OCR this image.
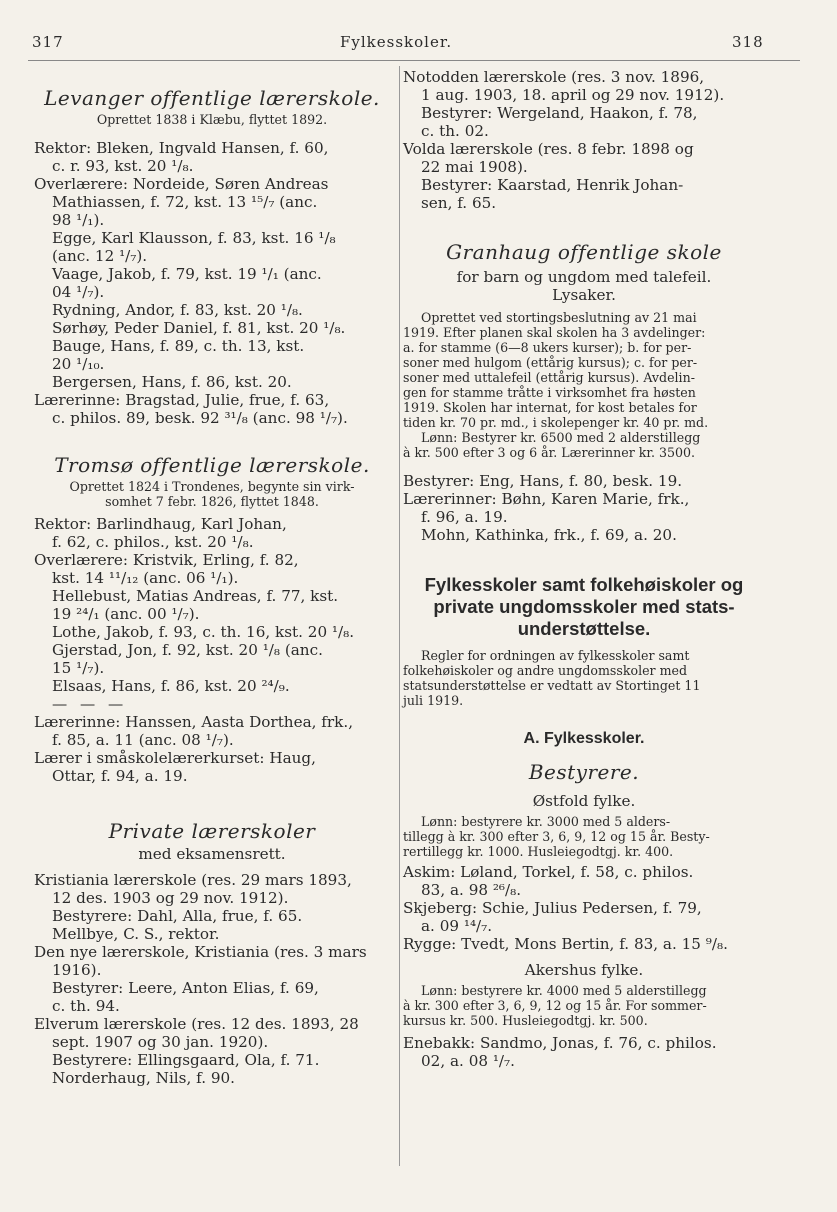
317	Fylkesskoler.	318
Levanger offentlige lærerskole.
Oprettet 1838 i Klæbu, flyttet 1892.
Rektor: Bleken, Ingvald Hansen, f. 60,
c. r. 93, kst. 20 ¹/₈.
Overlærere: Nordeide, Søren Andreas
Mathiassen, f. 72, kst. 13 ¹⁵/₇ (anc.
98 ¹/₁).
Egge, Karl Klausson, f. 83, kst. 16 ¹/₈
(anc. 12 ¹/₇).
Vaage, Jakob, f. 79, kst. 19 ¹/₁ (anc.
04 ¹/₇).
Rydning, Andor, f. 83, kst. 20 ¹/₈.
Sørhøy, Peder Daniel, f. 81, kst. 20 ¹/₈.
Bauge, Hans, f. 89, c. th. 13, kst.
20 ¹/₁₀.
Bergersen, Hans, f. 86, kst. 20.
Lærerinne: Bragstad, Julie, frue, f. 63,
c. philos. 89, besk. 92 ³¹/₈ (anc. 98 ¹/₇).
Tromsø offentlige lærerskole.
Oprettet 1824 i Trondenes, begynte sin virk-
somhet 7 febr. 1826, flyttet 1848.
Rektor: Barlindhaug, Karl Johan,
f. 62, c. philos., kst. 20 ¹/₈.
Overlærere: Kristvik, Erling, f. 82,
kst. 14 ¹¹/₁₂ (anc. 06 ¹/₁).
Hellebust, Matias Andreas, f. 77, kst.
19 ²⁴/₁ (anc. 00 ¹/₇).
Lothe, Jakob, f. 93, c. th. 16, kst. 20 ¹/₈.
Gjerstad, Jon, f. 92, kst. 20 ¹/₈ (anc.
15 ¹/₇).
Elsaas, Hans, f. 86, kst. 20 ²⁴/₉.
— — —
Lærerinne: Hanssen, Aasta Dorthea, frk.,
f. 85, a. 11 (anc. 08 ¹/₇).
Lærer i småskolelærerkurset: Haug,
Ottar, f. 94, a. 19.
Private lærerskoler
med eksamensrett.
Kristiania lærerskole (res. 29 mars 1893,
12 des. 1903 og 29 nov. 1912).
Bestyrere: Dahl, Alla, frue, f. 65.
Mellbye, C. S., rektor.
Den nye lærerskole, Kristiania (res. 3 mars
1916).
Bestyrer: Leere, Anton Elias, f. 69,
c. th. 94.
Elverum lærerskole (res. 12 des. 1893, 28
sept. 1907 og 30 jan. 1920).
Bestyrere: Ellingsgaard, Ola, f. 71.
Norderhaug, Nils, f. 90.
Notodden lærerskole (res. 3 nov. 1896,
1 aug. 1903, 18. april og 29 nov. 1912).
Bestyrer: Wergeland, Haakon, f. 78,
c. th. 02.
Volda lærerskole (res. 8 febr. 1898 og
22 mai 1908).
Bestyrer: Kaarstad, Henrik Johan-
sen, f. 65.
Granhaug offentlige skole
for barn og ungdom med talefeil.
Lysaker.
Oprettet ved stortingsbeslutning av 21 mai
1919. Efter planen skal skolen ha 3 avdelinger:
a. for stamme (6—8 ukers kurser); b. for per-
soner med hulgom (ettårig kursus); c. for per-
soner med uttalefeil (ettårig kursus). Avdelin-
gen for stamme tråtte i virksomhet fra høsten
1919. Skolen har internat, for kost betales for
tiden kr. 70 pr. md., i skolepenger kr. 40 pr. md.
Lønn: Bestyrer kr. 6500 med 2 alderstillegg
à kr. 500 efter 3 og 6 år. Lærerinner kr. 3500.
Bestyrer: Eng, Hans, f. 80, besk. 19.
Lærerinner: Bøhn, Karen Marie, frk.,
f. 96, a. 19.
Mohn, Kathinka, frk., f. 69, a. 20.
Fylkesskoler samt folkehøiskoler og
private ungdomsskoler med stats-
understøttelse.
Regler for ordningen av fylkesskoler samt
folkehøiskoler og andre ungdomsskoler med
statsunderstøttelse er vedtatt av Stortinget 11
juli 1919.
A. Fylkesskoler.
Bestyrere.
Østfold fylke.
Lønn: bestyrere kr. 3000 med 5 alders-
tillegg à kr. 300 efter 3, 6, 9, 12 og 15 år. Besty-
rertillegg kr. 1000. Husleiegodtgj. kr. 400.
Askim: Løland, Torkel, f. 58, c. philos.
83, a. 98 ²⁶/₈.
Skjeberg: Schie, Julius Pedersen, f. 79,
a. 09 ¹⁴/₇.
Rygge: Tvedt, Mons Bertin, f. 83, a. 15 ⁹/₈.
Akershus fylke.
Lønn: bestyrere kr. 4000 med 5 alderstillegg
à kr. 300 efter 3, 6, 9, 12 og 15 år. For sommer-
kursus kr. 500. Husleiegodtgj. kr. 500.
Enebakk: Sandmo, Jonas, f. 76, c. philos.
02, a. 08 ¹/₇.
